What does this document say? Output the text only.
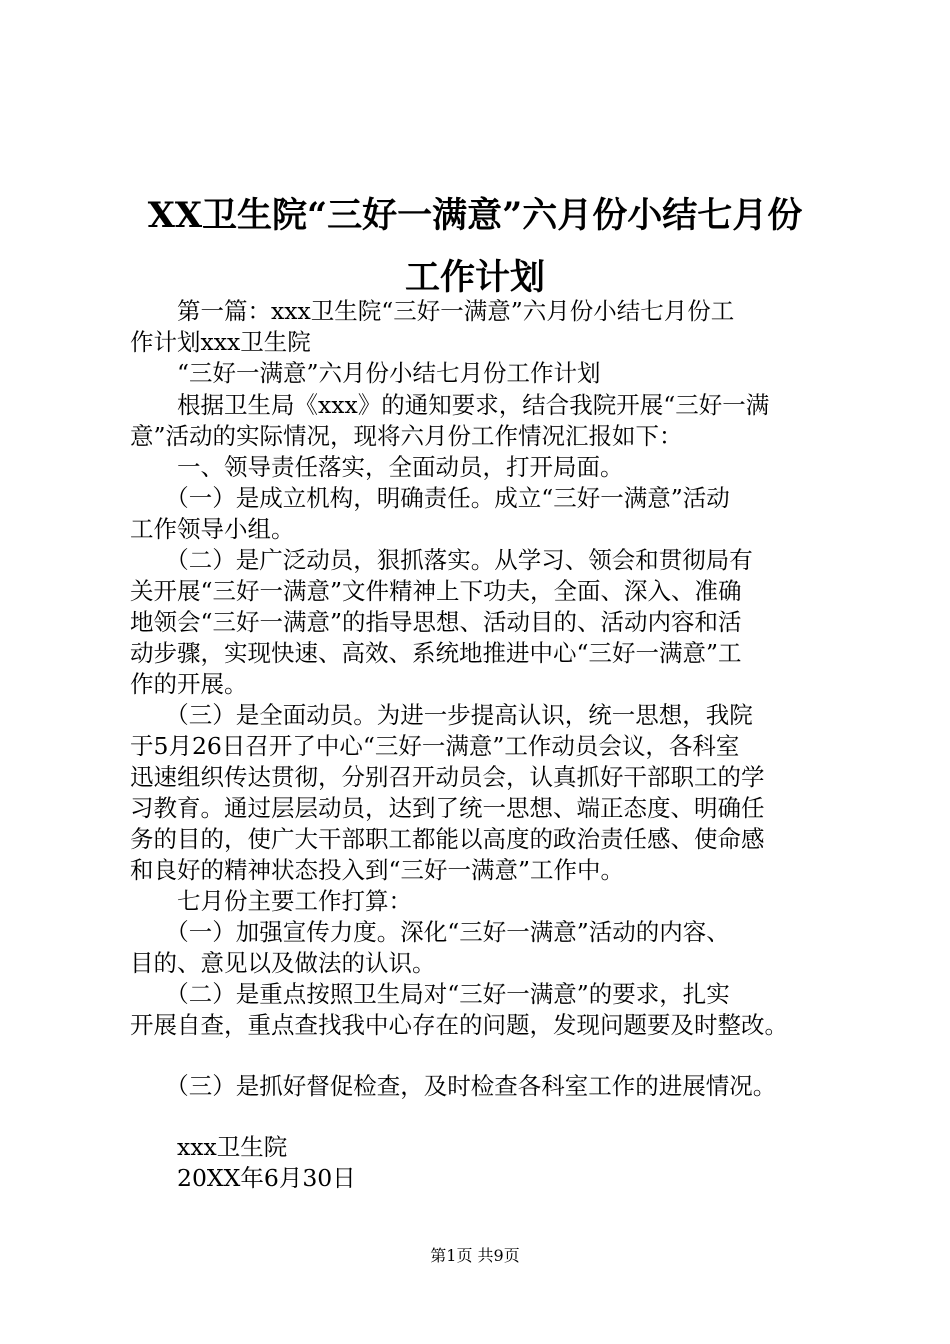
XX卫生院“三好一满意”六月份小结七月份
工作计划
　　第一篇：xxx卫生院“三好一满意”六月份小结七月份工
作计划xxx卫生院
　　“三好一满意”六月份小结七月份工作计划
　　根据卫生局《xxx》的通知要求，结合我院开展“三好一满
意”活动的实际情况，现将六月份工作情况汇报如下：
　　一、领导责任落实，全面动员，打开局面。
　　（一）是成立机构，明确责任。成立“三好一满意”活动
工作领导小组。
　　（二）是广泛动员，狠抓落实。从学习、领会和贯彻局有
关开展“三好一满意”文件精神上下功夫，全面、深入、准确
地领会“三好一满意”的指导思想、活动目的、活动内容和活
动步骤，实现快速、高效、系统地推进中心“三好一满意”工
作的开展。
　　（三）是全面动员。为进一步提高认识，统一思想，我院
于5月26日召开了中心“三好一满意”工作动员会议，各科室
迅速组织传达贯彻，分别召开动员会，认真抓好干部职工的学
习教育。通过层层动员，达到了统一思想、端正态度、明确任
务的目的，使广大干部职工都能以高度的政治责任感、使命感
和良好的精神状态投入到“三好一满意”工作中。
　　七月份主要工作打算：
　　（一）加强宣传力度。深化“三好一满意”活动的内容、
目的、意见以及做法的认识。
　　（二）是重点按照卫生局对“三好一满意”的要求，扎实
开展自查，重点查找我中心存在的问题，发现问题要及时整改。
　　（三）是抓好督促检查，及时检查各科室工作的进展情况。
　　xxx卫生院
　　20XX年6月30日
第1页 共9页
